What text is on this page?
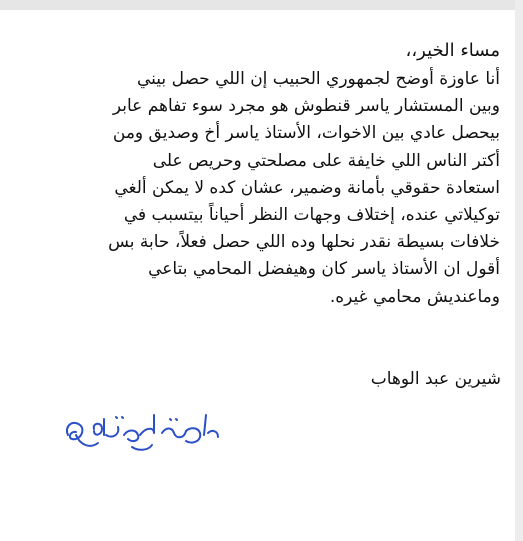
مساء الخير،،
أنا عاوزة أوضح لجمهوري الحبيب إن اللي حصل بيني
وبين المستشار ياسر قنطوش هو مجرد سوء تفاهم عابر
بيحصل عادي بين الاخوات، الأستاذ ياسر أخ وصديق ومن
أكتر الناس اللي خايفة على مصلحتي وحريص على
استعادة حقوقي بأمانة وضمير، عشان كده لا يمكن ألغي
توكيلاتي عنده، إختلاف وجهات النظر أحياناً بيتسبب في
خلافات بسيطة نقدر نحلها وده اللي حصل فعلاً، حابة بس
أقول ان الأستاذ ياسر كان وهيفضل المحامي بتاعي
وماعنديش محامي غيره.
شيرين عبد الوهاب
